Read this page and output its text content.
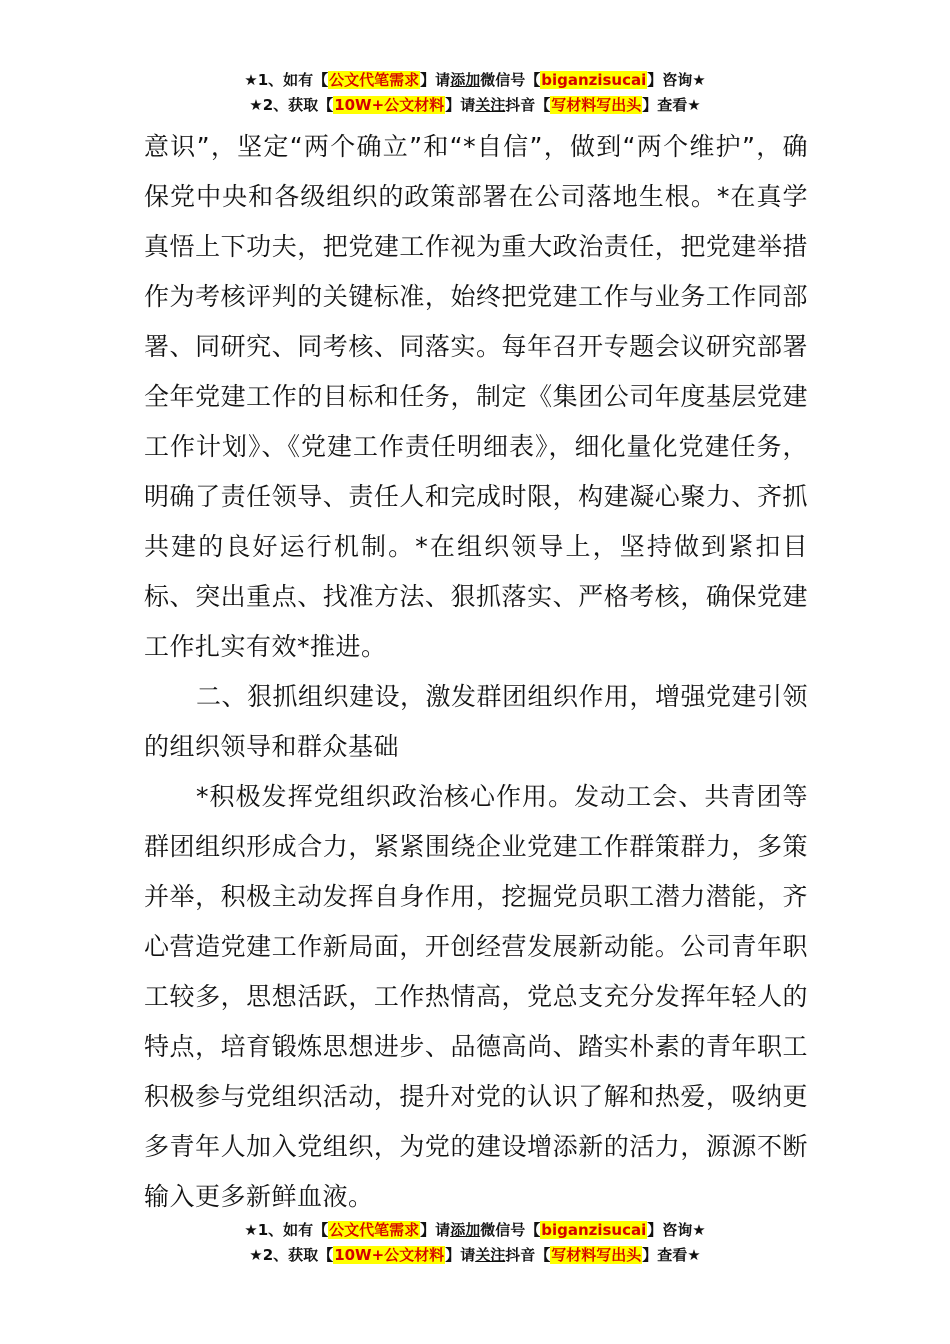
★1、如有【公文代笔需求】请添加微信号【biganzisucai】咨询★
★2、获取【10W+公文材料】请关注抖音【写材料写出头】查看★

意识”，坚定“两个确立”和“*自信”，做到“两个维护”，确保党中央和各级组织的政策部署在公司落地生根。*在真学真悟上下功夫，把党建工作视为重大政治责任，把党建举措作为考核评判的关键标准，始终把党建工作与业务工作同部署、同研究、同考核、同落实。每年召开专题会议研究部署全年党建工作的目标和任务，制定《集团公司年度基层党建工作计划》、《党建工作责任明细表》，细化量化党建任务，明确了责任领导、责任人和完成时限，构建凝心聚力、齐抓共建的良好运行机制。*在组织领导上，坚持做到紧扣目标、突出重点、找准方法、狠抓落实、严格考核，确保党建工作扎实有效*推进。

二、狠抓组织建设，激发群团组织作用，增强党建引领的组织领导和群众基础

*积极发挥党组织政治核心作用。发动工会、共青团等群团组织形成合力，紧紧围绕企业党建工作群策群力，多策并举，积极主动发挥自身作用，挖掘党员职工潜力潜能，齐心营造党建工作新局面，开创经营发展新动能。公司青年职工较多，思想活跃，工作热情高，党总支充分发挥年轻人的特点，培育锻炼思想进步、品德高尚、踏实朴素的青年职工积极参与党组织活动，提升对党的认识了解和热爱，吸纳更多青年人加入党组织，为党的建设增添新的活力，源源不断输入更多新鲜血液。

★1、如有【公文代笔需求】请添加微信号【biganzisucai】咨询★
★2、获取【10W+公文材料】请关注抖音【写材料写出头】查看★
